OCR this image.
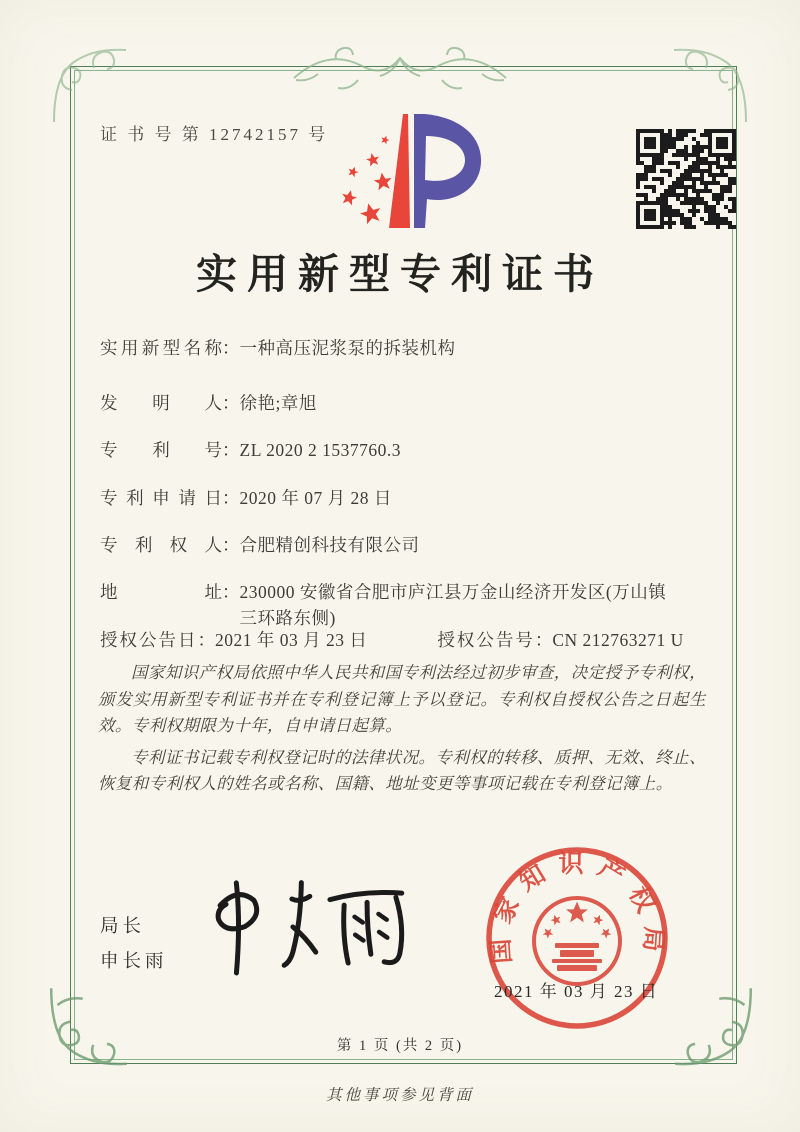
证 书 号 第 12742157 号
实用新型专利证书
实用新型名称：一种高压泥浆泵的拆装机构
发明人：徐艳;章旭
专利号：ZL 2020 2 1537760.3
专利申请日：2020 年 07 月 28 日
专利权人：合肥精创科技有限公司
地址：230000 安徽省合肥市庐江县万金山经济开发区(万山镇三环路东侧)
授权公告日：2021 年 03 月 23 日	授权公告号：CN 212763271 U

国家知识产权局依照中华人民共和国专利法经过初步审查，决定授予专利权，颁发实用新型专利证书并在专利登记簿上予以登记。专利权自授权公告之日起生效。专利权期限为十年，自申请日起算。

专利证书记载专利权登记时的法律状况。专利权的转移、质押、无效、终止、恢复和专利权人的姓名或名称、国籍、地址变更等事项记载在专利登记簿上。

局长
申长雨	国家知识产权局
2021 年 03 月 23 日
第 1 页 (共 2 页)
其他事项参见背面
